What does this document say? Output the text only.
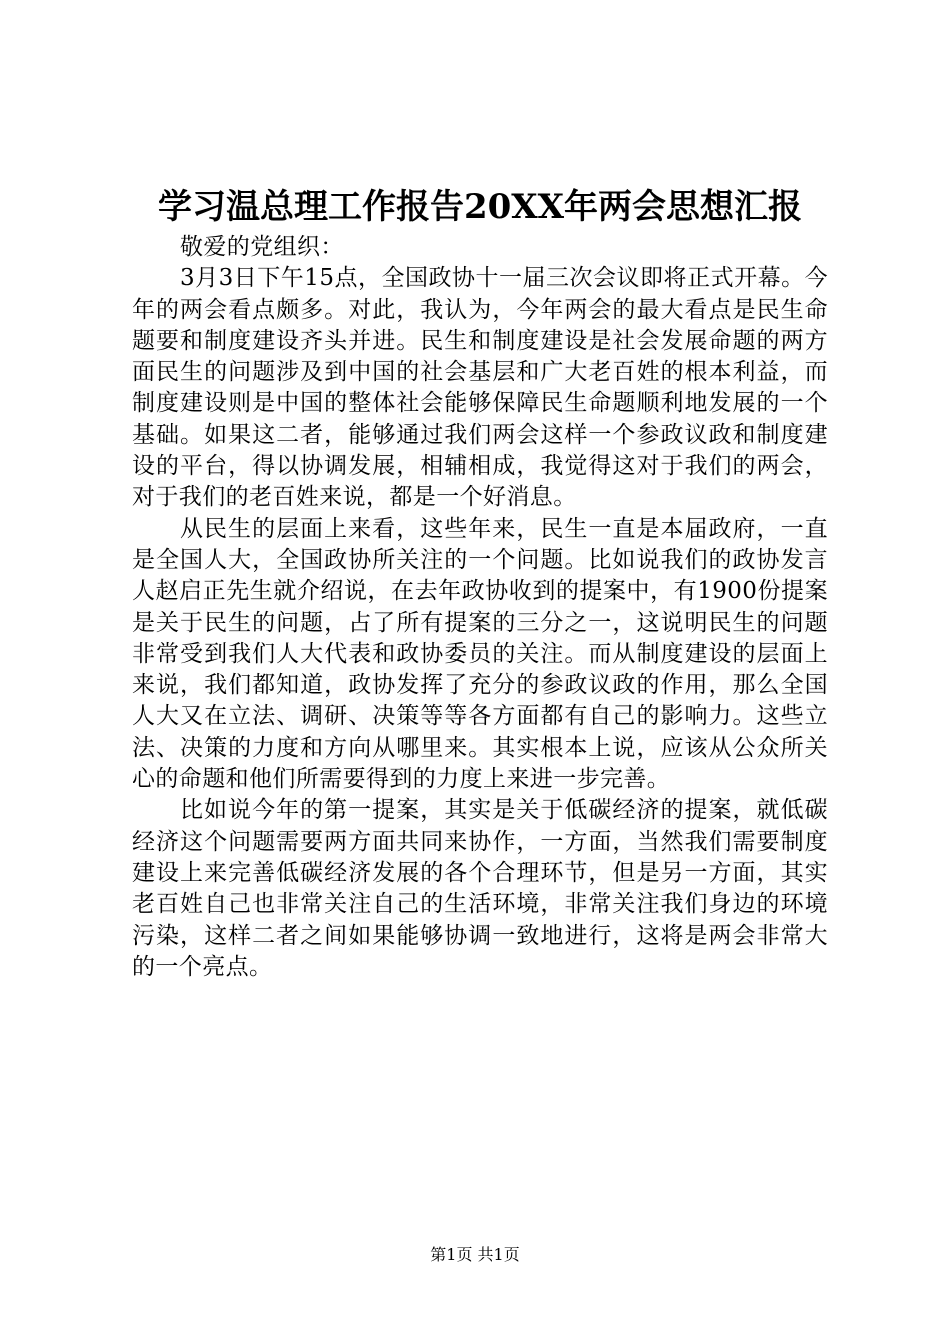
学习温总理工作报告20XX年两会思想汇报

敬爱的党组织：

3月3日下午15点，全国政协十一届三次会议即将正式开幕。今年的两会看点颇多。对此，我认为，今年两会的最大看点是民生命题要和制度建设齐头并进。民生和制度建设是社会发展命题的两方面民生的问题涉及到中国的社会基层和广大老百姓的根本利益，而制度建设则是中国的整体社会能够保障民生命题顺利地发展的一个基础。如果这二者，能够通过我们两会这样一个参政议政和制度建设的平台，得以协调发展，相辅相成，我觉得这对于我们的两会，对于我们的老百姓来说，都是一个好消息。

从民生的层面上来看，这些年来，民生一直是本届政府，一直是全国人大，全国政协所关注的一个问题。比如说我们的政协发言人赵启正先生就介绍说，在去年政协收到的提案中，有1900份提案是关于民生的问题，占了所有提案的三分之一，这说明民生的问题非常受到我们人大代表和政协委员的关注。而从制度建设的层面上来说，我们都知道，政协发挥了充分的参政议政的作用，那么全国人大又在立法、调研、决策等等各方面都有自己的影响力。这些立法、决策的力度和方向从哪里来。其实根本上说，应该从公众所关心的命题和他们所需要得到的力度上来进一步完善。

比如说今年的第一提案，其实是关于低碳经济的提案，就低碳经济这个问题需要两方面共同来协作，一方面，当然我们需要制度建设上来完善低碳经济发展的各个合理环节，但是另一方面，其实老百姓自己也非常关注自己的生活环境，非常关注我们身边的环境污染，这样二者之间如果能够协调一致地进行，这将是两会非常大的一个亮点。

第1页 共1页
